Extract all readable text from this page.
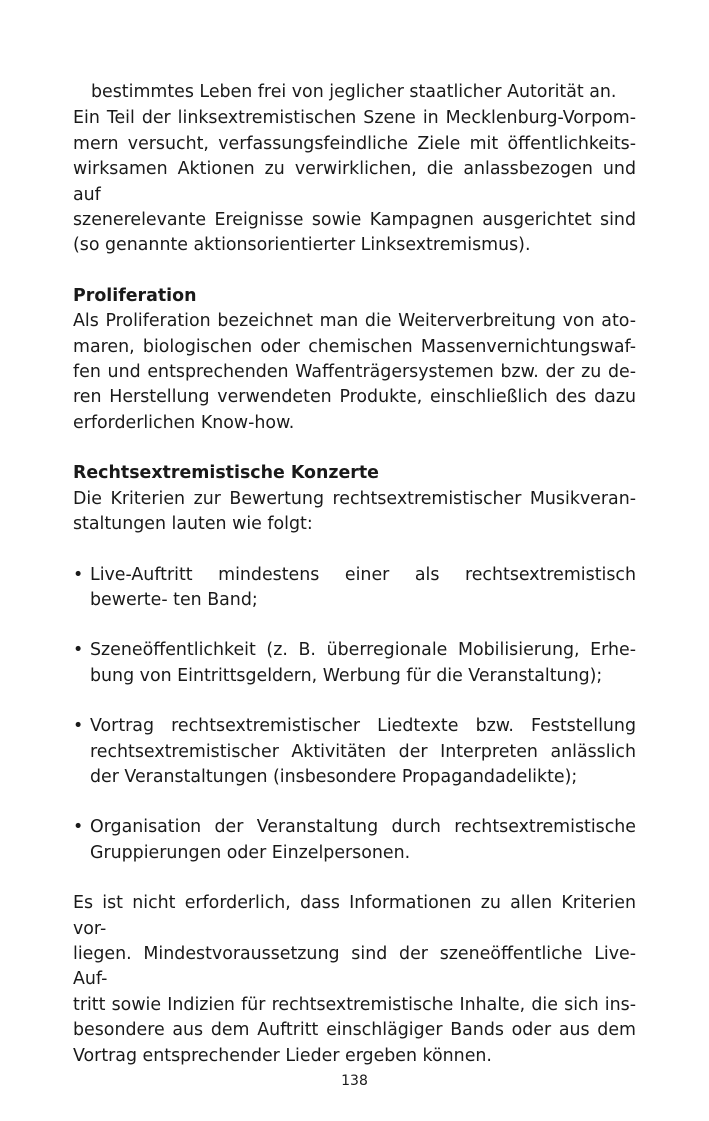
bestimmtes Leben frei von jeglicher staatlicher Autorität an.

Ein Teil der linksextremistischen Szene in Mecklenburg-Vorpom-
mern versucht, verfassungsfeindliche Ziele mit öffentlichkeits-
wirksamen Aktionen zu verwirklichen, die anlassbezogen und auf
szenerelevante Ereignisse sowie Kampagnen ausgerichtet sind
(so genannte aktionsorientierter Linksextremismus).

Proliferation
Als Proliferation bezeichnet man die Weiterverbreitung von ato-
maren, biologischen oder chemischen Massenvernichtungswaf-
fen und entsprechenden Waffenträgersystemen bzw. der zu de-
ren Herstellung verwendeten Produkte, einschließlich des dazu
erforderlichen Know-how.

Rechtsextremistische Konzerte
Die Kriterien zur Bewertung rechtsextremistischer Musikveran-
staltungen lauten wie folgt:

• Live-Auftritt mindestens einer als rechtsextremistisch bewerte- ten Band;
• Szeneöffentlichkeit (z. B. überregionale Mobilisierung, Erhe- bung von Eintrittsgeldern, Werbung für die Veranstaltung);
• Vortrag rechtsextremistischer Liedtexte bzw. Feststellung rechtsextremistischer Aktivitäten der Interpreten anlässlich der Veranstaltungen (insbesondere Propagandadelikte);
• Organisation der Veranstaltung durch rechtsextremistische Gruppierungen oder Einzelpersonen.

Es ist nicht erforderlich, dass Informationen zu allen Kriterien vor-
liegen. Mindestvoraussetzung sind der szeneöffentliche Live-Auf-
tritt sowie Indizien für rechtsextremistische Inhalte, die sich ins-
besondere aus dem Auftritt einschlägiger Bands oder aus dem
Vortrag entsprechender Lieder ergeben können.

138
